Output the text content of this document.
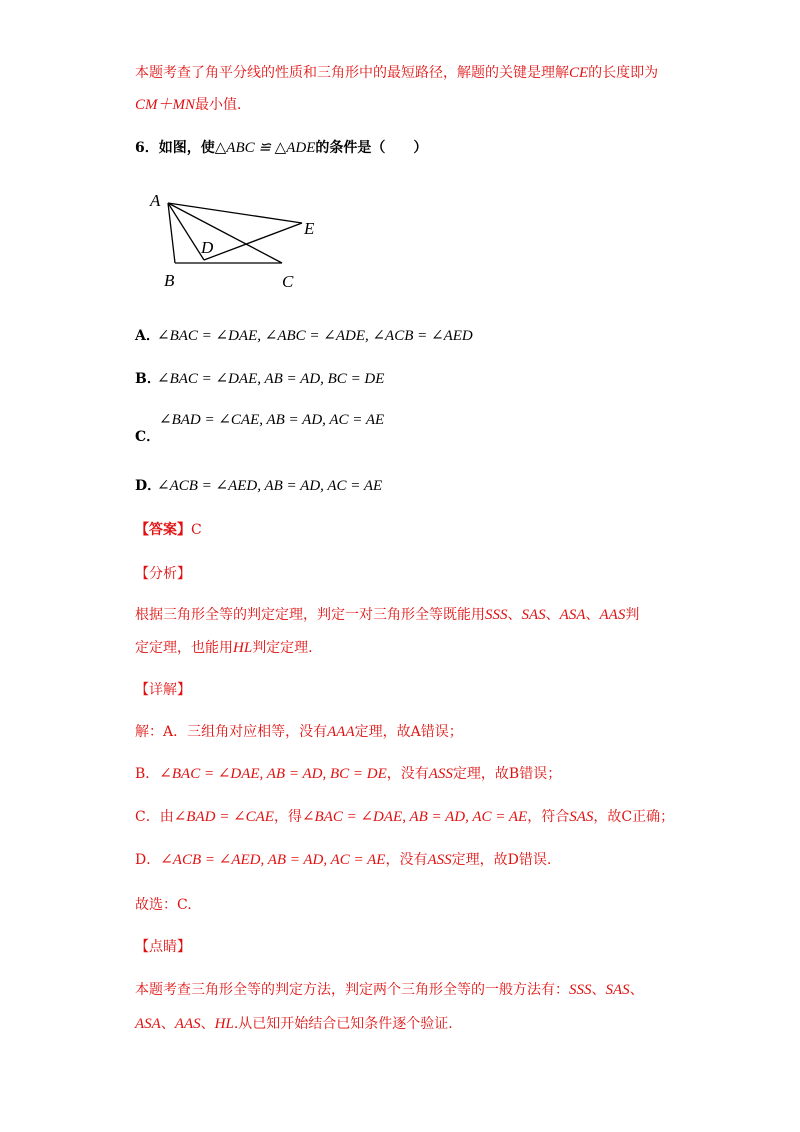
本题考查了角平分线的性质和三角形中的最短路径，解题的关键是理解CE的长度即为
CM＋MN最小值．
6．如图，使△ABC ≌ △ADE的条件是（　　）
A
B	C
D
E
A．∠BAC = ∠DAE, ∠ABC = ∠ADE, ∠ACB = ∠AED
B．∠BAC = ∠DAE, AB = AD, BC = DE
∠BAD = ∠CAE, AB = AD, AC = AE
C．
D．∠ACB = ∠AED, AB = AD, AC = AE
【答案】C
【分析】
根据三角形全等的判定定理，判定一对三角形全等既能用SSS、SAS、ASA、AAS判
定定理，也能用HL判定定理.
【详解】
解：A．三组角对应相等，没有AAA定理，故A错误；
B．∠BAC = ∠DAE, AB = AD, BC = DE，没有ASS定理，故B错误；
C．由∠BAD = ∠CAE，得∠BAC = ∠DAE, AB = AD, AC = AE，符合SAS，故C正确；
D．∠ACB = ∠AED, AB = AD, AC = AE，没有ASS定理，故D错误.
故选：C.
【点睛】
本题考查三角形全等的判定方法，判定两个三角形全等的一般方法有：SSS、SAS、
ASA、AAS、HL.从已知开始结合已知条件逐个验证.
